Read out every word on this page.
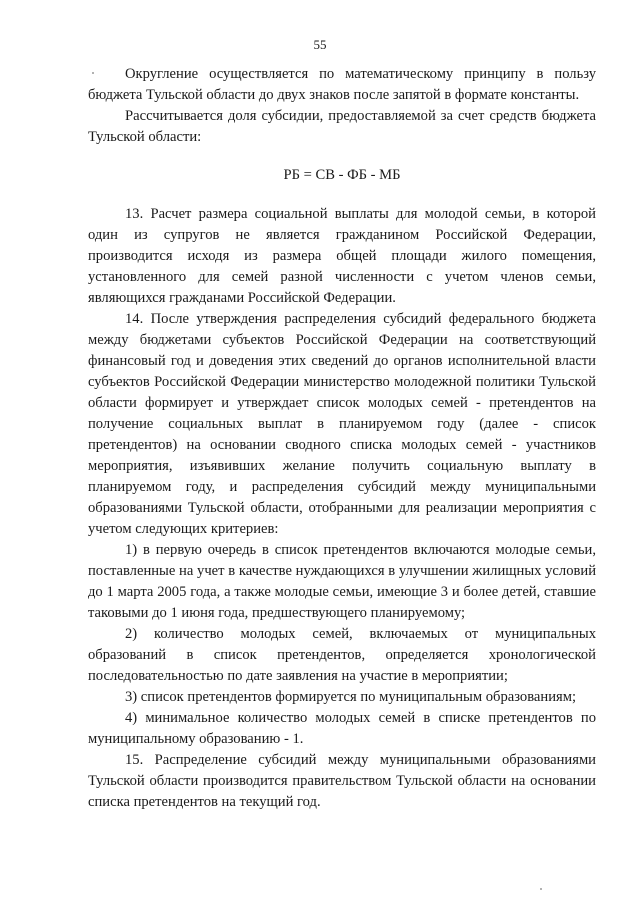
55

Округление осуществляется по математическому принципу в пользу бюджета Тульской области до двух знаков после запятой в формате константы.

Рассчитывается доля субсидии, предоставляемой за счет средств бюджета Тульской области:

РБ = СВ - ФБ - МБ

13. Расчет размера социальной выплаты для молодой семьи, в которой один из супругов не является гражданином Российской Федерации, производится исходя из размера общей площади жилого помещения, установленного для семей разной численности с учетом членов семьи, являющихся гражданами Российской Федерации.

14. После утверждения распределения субсидий федерального бюджета между бюджетами субъектов Российской Федерации на соответствующий финансовый год и доведения этих сведений до органов исполнительной власти субъектов Российской Федерации министерство молодежной политики Тульской области формирует и утверждает список молодых семей - претендентов на получение социальных выплат в планируемом году (далее - список претендентов) на основании сводного списка молодых семей - участников мероприятия, изъявивших желание получить социальную выплату в планируемом году, и распределения субсидий между муниципальными образованиями Тульской области, отобранными для реализации мероприятия с учетом следующих критериев:

1) в первую очередь в список претендентов включаются молодые семьи, поставленные на учет в качестве нуждающихся в улучшении жилищных условий до 1 марта 2005 года, а также молодые семьи, имеющие 3 и более детей, ставшие таковыми до 1 июня года, предшествующего планируемому;

2) количество молодых семей, включаемых от муниципальных образований в список претендентов, определяется хронологической последовательностью по дате заявления на участие в мероприятии;

3) список претендентов формируется по муниципальным образованиям;

4) минимальное количество молодых семей в списке претендентов по муниципальному образованию - 1.

15. Распределение субсидий между муниципальными образованиями Тульской области производится правительством Тульской области на основании списка претендентов на текущий год.
